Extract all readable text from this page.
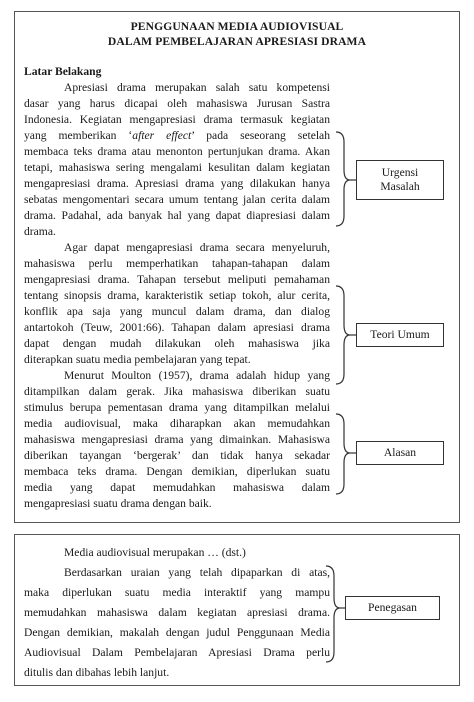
PENGGUNAAN MEDIA AUDIOVISUAL
DALAM PEMBELAJARAN APRESIASI DRAMA
Latar Belakang
Apresiasi drama merupakan salah satu kompetensi
dasar yang harus dicapai oleh mahasiswa Jurusan Sastra
Indonesia. Kegiatan mengapresiasi drama termasuk kegiatan
yang memberikan ‘after effect’ pada seseorang setelah
membaca teks drama atau menonton pertunjukan drama. Akan
tetapi, mahasiswa sering mengalami kesulitan dalam kegiatan
mengapresiasi drama. Apresiasi drama yang dilakukan hanya
sebatas mengomentari secara umum tentang jalan cerita dalam
drama. Padahal, ada banyak hal yang dapat diapresiasi dalam
drama.
Agar dapat mengapresiasi drama secara menyeluruh,
mahasiswa perlu memperhatikan tahapan-tahapan dalam
mengapresiasi drama. Tahapan tersebut meliputi pemahaman
tentang sinopsis drama, karakteristik setiap tokoh, alur cerita,
konflik apa saja yang muncul dalam drama, dan dialog
antartokoh (Teuw, 2001:66). Tahapan dalam apresiasi drama
dapat dengan mudah dilakukan oleh mahasiswa jika
diterapkan suatu media pembelajaran yang tepat.
Menurut Moulton (1957), drama adalah hidup yang
ditampilkan dalam gerak. Jika mahasiswa diberikan suatu
stimulus berupa pementasan drama yang ditampilkan melalui
media audiovisual, maka diharapkan akan memudahkan
mahasiswa mengapresiasi drama yang dimainkan. Mahasiswa
diberikan tayangan ‘bergerak’ dan tidak hanya sekadar
membaca teks drama. Dengan demikian, diperlukan suatu
media yang dapat memudahkan mahasiswa dalam
mengapresiasi suatu drama dengan baik.
Media audiovisual merupakan … (dst.)
Berdasarkan uraian yang telah dipaparkan di atas,
maka diperlukan suatu media interaktif yang mampu
memudahkan mahasiswa dalam kegiatan apresiasi drama.
Dengan demikian, makalah dengan judul Penggunaan Media
Audiovisual Dalam Pembelajaran Apresiasi Drama perlu
ditulis dan dibahas lebih lanjut.
Urgensi
Masalah
Teori Umum
Alasan
Penegasan
